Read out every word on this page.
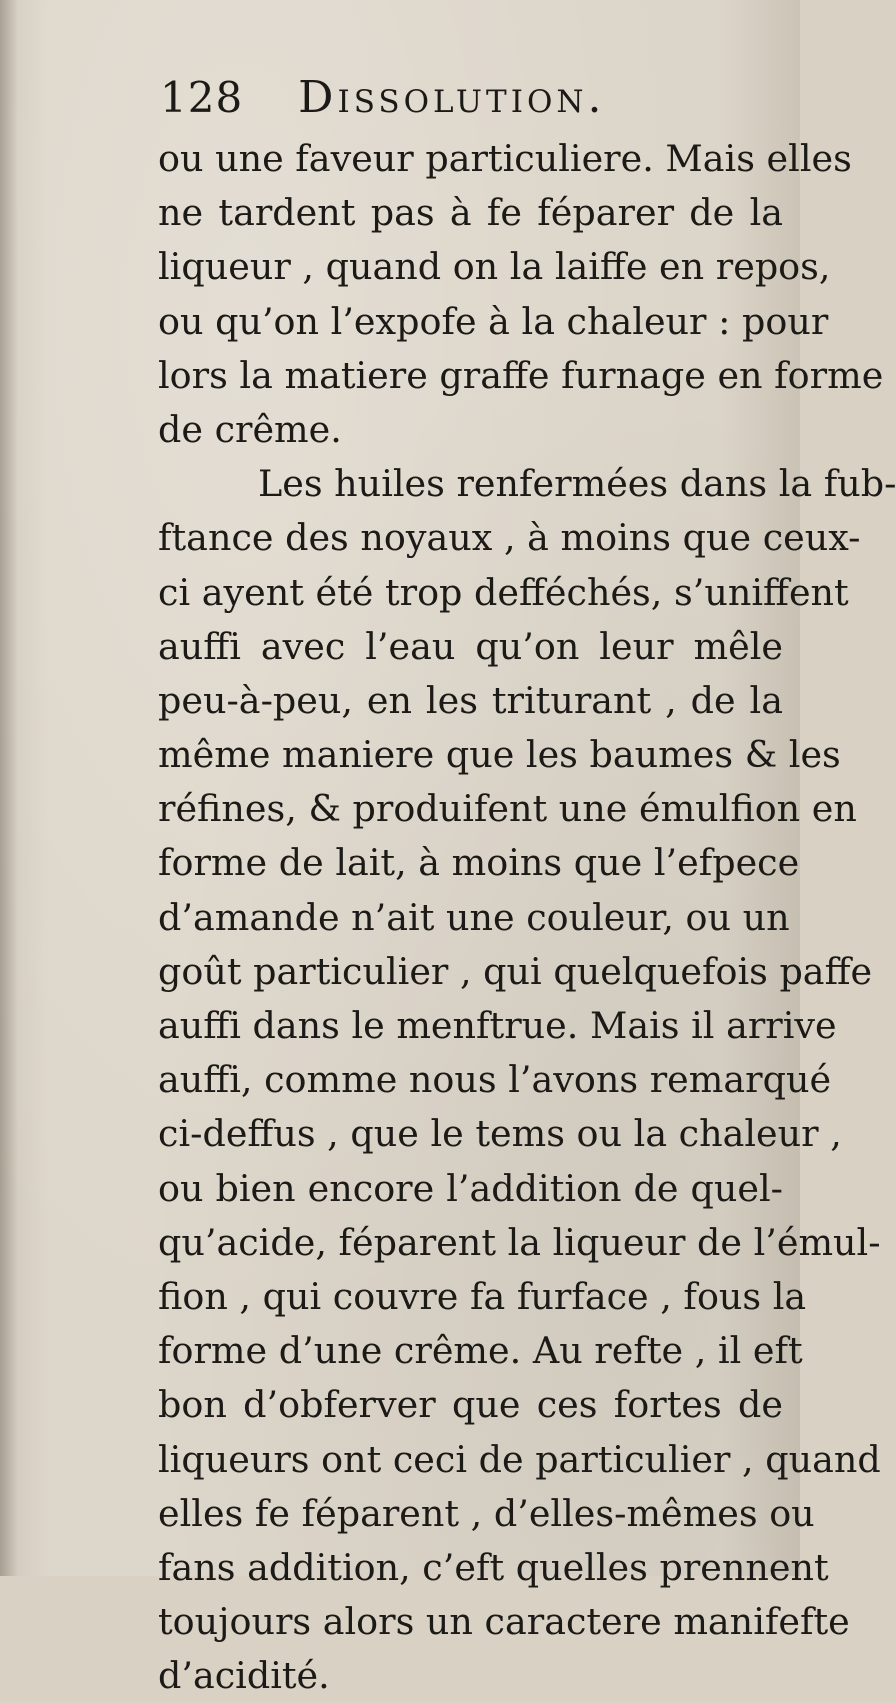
128 Dissolution.
ou une faveur particuliere. Mais elles
ne tardent pas à fe féparer de la
liqueur , quand on la laiffe en repos,
ou qu’on l’expofe à la chaleur : pour
lors la matiere graffe furnage en forme
de crême.
Les huiles renfermées dans la fub-
ftance des noyaux , à moins que ceux-
ci ayent été trop defféchés, s’uniffent
auffi avec l’eau qu’on leur mêle
peu-à-peu, en les triturant , de la
même maniere que les baumes & les
réfines, & produifent une émulfion en
forme de lait, à moins que l’efpece
d’amande n’ait une couleur, ou un
goût particulier , qui quelquefois paffe
auffi dans le menftrue. Mais il arrive
auffi, comme nous l’avons remarqué
ci-deffus , que le tems ou la chaleur ,
ou bien encore l’addition de quel-
qu’acide, féparent la liqueur de l’émul-
fion , qui couvre fa furface , fous la
forme d’une crême. Au refte , il eft
bon d’obferver que ces fortes de
liqueurs ont ceci de particulier , quand
elles fe féparent , d’elles-mêmes ou
fans addition, c’eft quelles prennent
toujours alors un caractere manifefte
d’acidité.
